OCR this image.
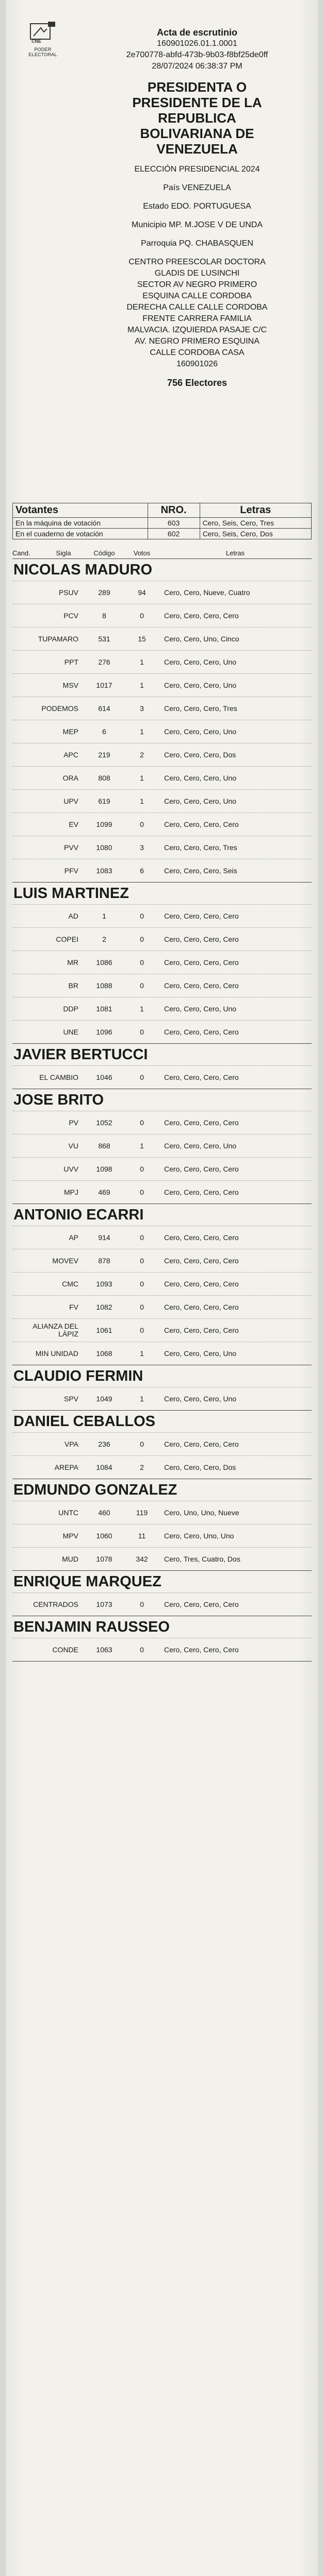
CNE
PODER ELECTORAL
Acta de escrutinio
160901026.01.1.0001
2e700778-abfd-473b-9b03-f8bf25de0ff
28/07/2024 06:38:37 PM
PRESIDENTA O
PRESIDENTE DE LA
REPUBLICA
BOLIVARIANA DE
VENEZUELA
ELECCIÓN PRESIDENCIAL 2024
País VENEZUELA
Estado EDO. PORTUGUESA
Municipio MP. M.JOSE V DE UNDA
Parroquia PQ. CHABASQUEN
CENTRO PREESCOLAR DOCTORA
GLADIS DE LUSINCHI
SECTOR AV NEGRO PRIMERO
ESQUINA CALLE CORDOBA
DERECHA CALLE CALLE CORDOBA
FRENTE CARRERA FAMILIA
MALVACIA. IZQUIERDA PASAJE C/C
AV. NEGRO PRIMERO ESQUINA
CALLE CORDOBA CASA
160901026
756 Electores
Votantes	NRO.	Letras
En la máquina de votación	603	Cero, Seis, Cero, Tres
En el cuaderno de votación	602	Cero, Seis, Cero, Dos
Cand.	Sigla	Código	Votos	Letras
NICOLAS MADURO
PSUV	289	94	Cero, Cero, Nueve, Cuatro
PCV	8	0	Cero, Cero, Cero, Cero
TUPAMARO	531	15	Cero, Cero, Uno, Cinco
PPT	276	1	Cero, Cero, Cero, Uno
MSV	1017	1	Cero, Cero, Cero, Uno
PODEMOS	614	3	Cero, Cero, Cero, Tres
MEP	6	1	Cero, Cero, Cero, Uno
APC	219	2	Cero, Cero, Cero, Dos
ORA	808	1	Cero, Cero, Cero, Uno
UPV	619	1	Cero, Cero, Cero, Uno
EV	1099	0	Cero, Cero, Cero, Cero
PVV	1080	3	Cero, Cero, Cero, Tres
PFV	1083	6	Cero, Cero, Cero, Seis
LUIS MARTINEZ
AD	1	0	Cero, Cero, Cero, Cero
COPEI	2	0	Cero, Cero, Cero, Cero
MR	1086	0	Cero, Cero, Cero, Cero
BR	1088	0	Cero, Cero, Cero, Cero
DDP	1081	1	Cero, Cero, Cero, Uno
UNE	1096	0	Cero, Cero, Cero, Cero
JAVIER BERTUCCI
EL CAMBIO	1046	0	Cero, Cero, Cero, Cero
JOSE BRITO
PV	1052	0	Cero, Cero, Cero, Cero
VU	868	1	Cero, Cero, Cero, Uno
UVV	1098	0	Cero, Cero, Cero, Cero
MPJ	469	0	Cero, Cero, Cero, Cero
ANTONIO ECARRI
AP	914	0	Cero, Cero, Cero, Cero
MOVEV	878	0	Cero, Cero, Cero, Cero
CMC	1093	0	Cero, Cero, Cero, Cero
FV	1082	0	Cero, Cero, Cero, Cero
ALIANZA DEL LÁPIZ	1061	0	Cero, Cero, Cero, Cero
MIN UNIDAD	1068	1	Cero, Cero, Cero, Uno
CLAUDIO FERMIN
SPV	1049	1	Cero, Cero, Cero, Uno
DANIEL CEBALLOS
VPA	236	0	Cero, Cero, Cero, Cero
AREPA	1084	2	Cero, Cero, Cero, Dos
EDMUNDO GONZALEZ
UNTC	460	119	Cero, Uno, Uno, Nueve
MPV	1060	11	Cero, Cero, Uno, Uno
MUD	1078	342	Cero, Tres, Cuatro, Dos
ENRIQUE MARQUEZ
CENTRADOS	1073	0	Cero, Cero, Cero, Cero
BENJAMIN RAUSSEO
CONDE	1063	0	Cero, Cero, Cero, Cero
